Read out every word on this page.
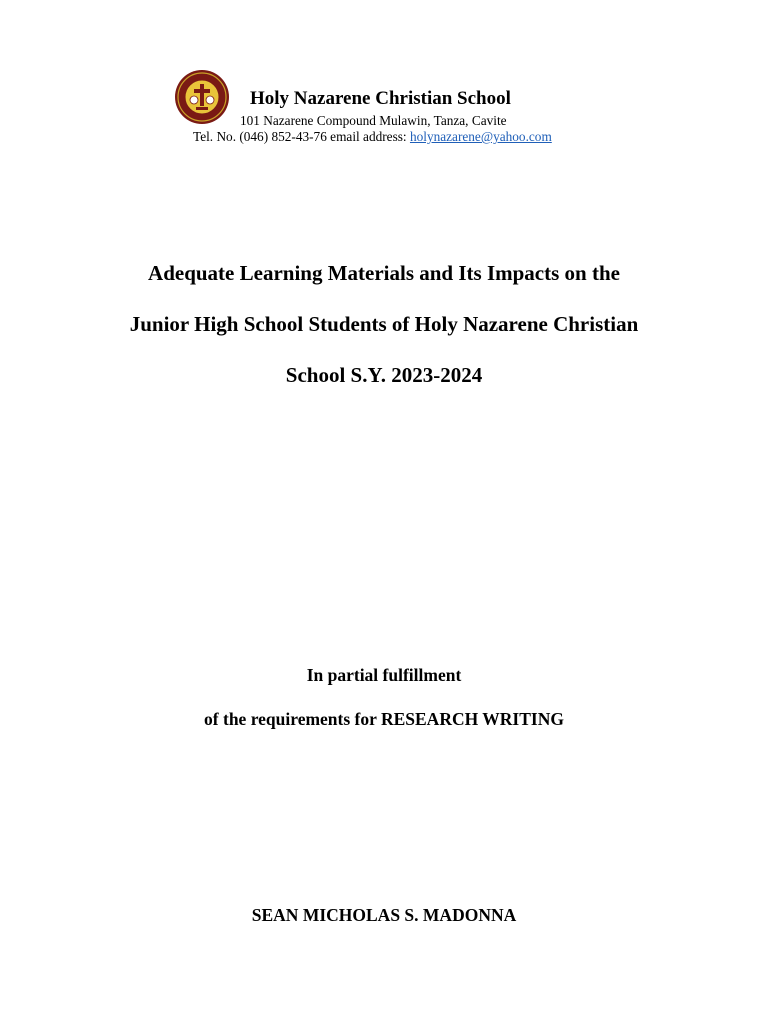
Holy Nazarene Christian School
101 Nazarene Compound Mulawin, Tanza, Cavite
Tel. No. (046) 852-43-76 email address: holynazarene@yahoo.com
Adequate Learning Materials and Its Impacts on the
Junior High School Students of Holy Nazarene Christian
School S.Y. 2023-2024
In partial fulfillment
of the requirements for RESEARCH WRITING
SEAN MICHOLAS S. MADONNA
